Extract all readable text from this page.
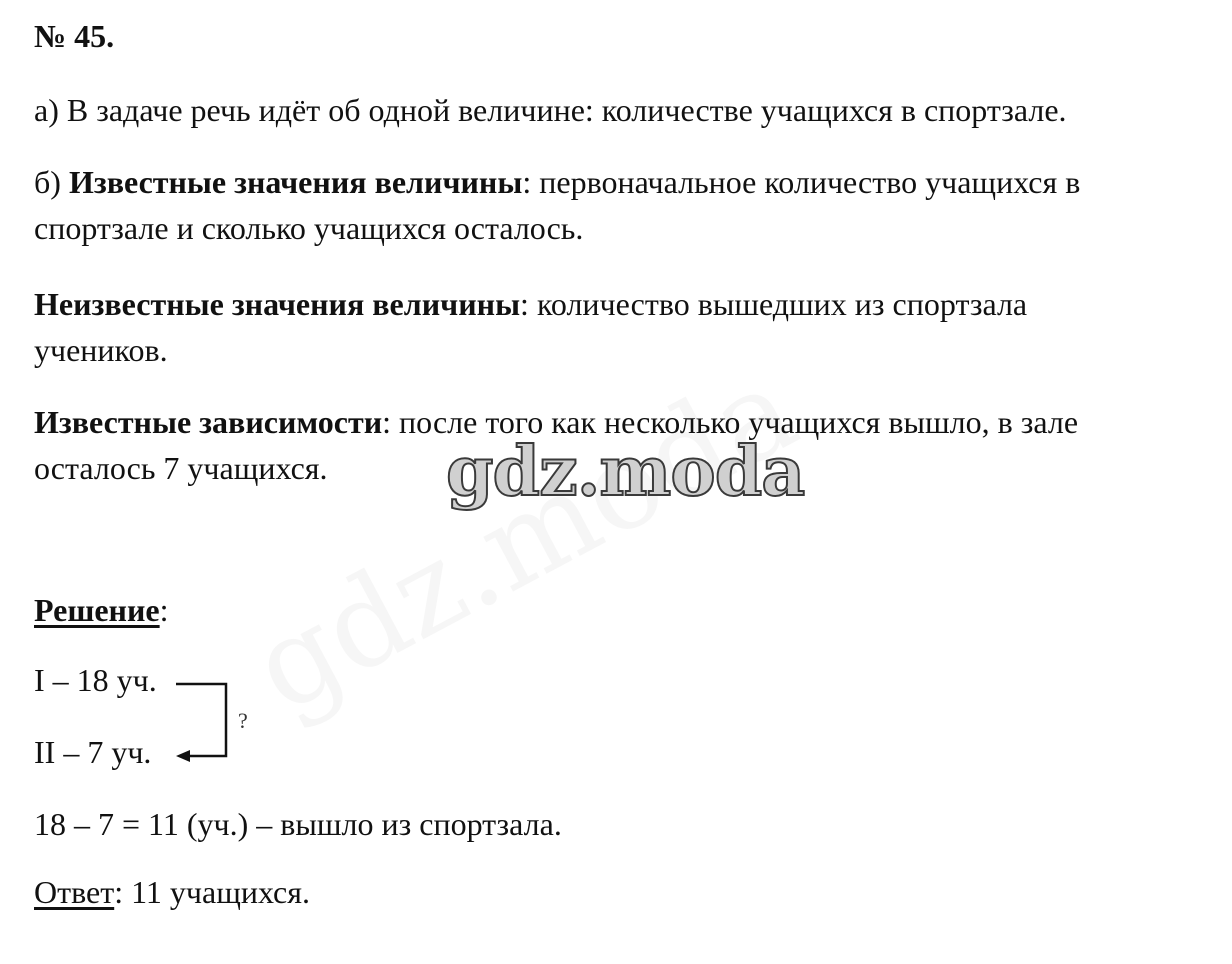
№ 45.
а) В задаче речь идёт об одной величине: количестве учащихся в спортзале.
б) Известные значения величины: первоначальное количество учащихся в
спортзале и сколько учащихся осталось.
Неизвестные значения величины: количество вышедших из спортзала
учеников.
Известные зависимости: после того как несколько учащихся вышло, в зале
осталось 7 учащихся. gdz.moda
Решение:
I – 18 уч.
II – 7 уч.
?
18 – 7 = 11 (уч.) – вышло из спортзала.
Ответ: 11 учащихся.
